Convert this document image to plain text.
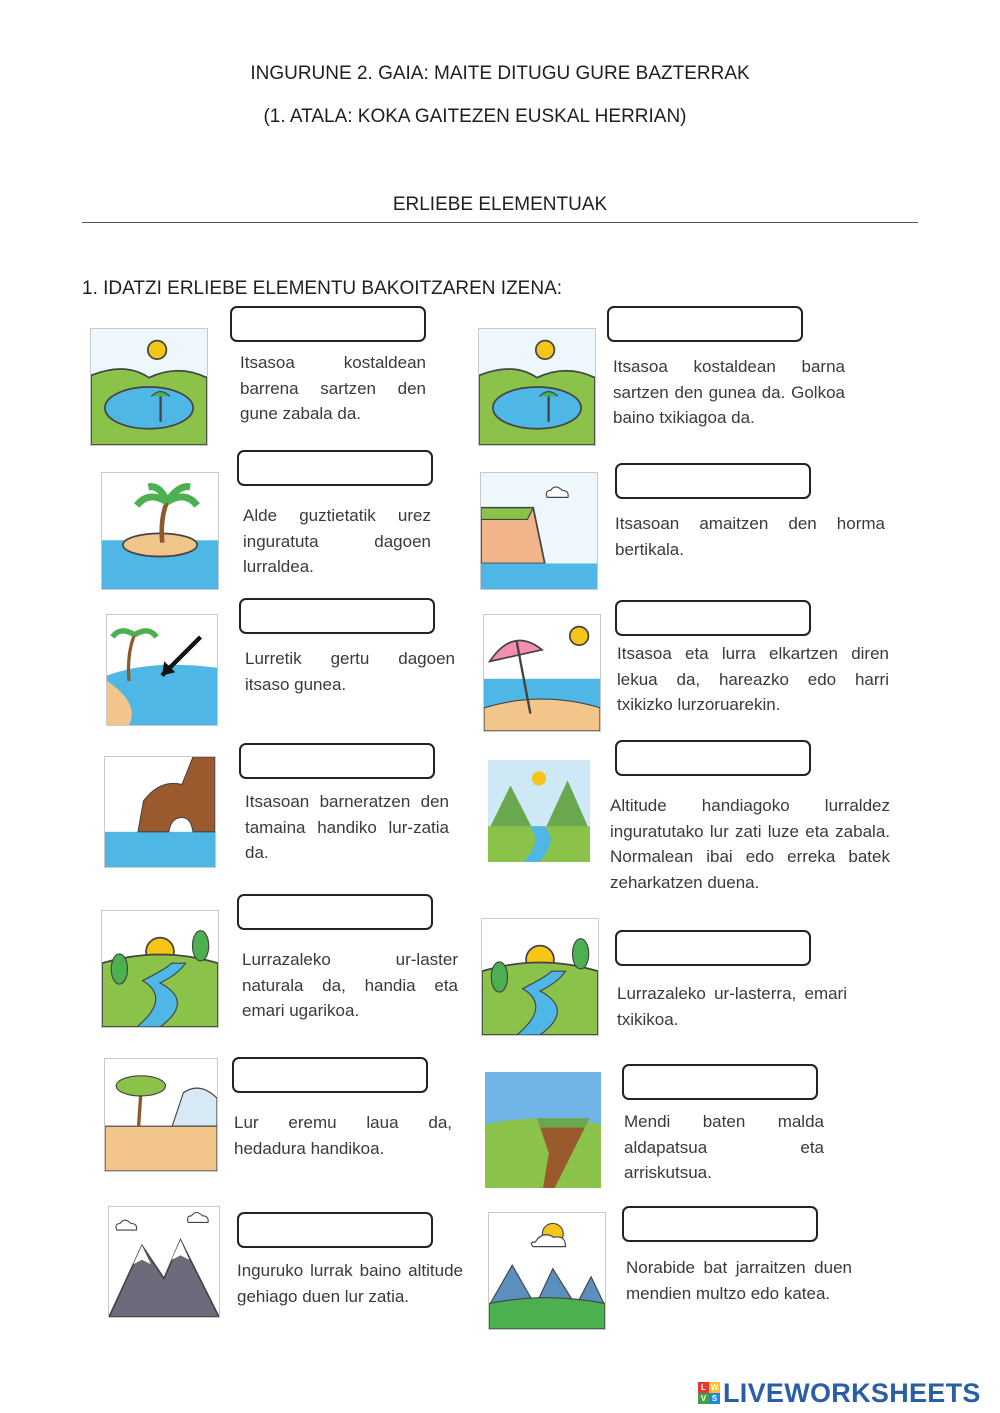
INGURUNE 2. GAIA: MAITE DITUGU GURE BAZTERRAK
(1. ATALA: KOKA GAITEZEN EUSKAL HERRIAN)
ERLIEBE ELEMENTUAK
1. IDATZI ERLIEBE ELEMENTU BAKOITZAREN IZENA:
Itsasoa kostaldean barrena sartzen den gune zabala da.
Itsasoa kostaldean barna sartzen den gunea da. Golkoa baino txikiagoa da.
Alde guztietatik urez inguratuta dagoen lurraldea.
Itsasoan amaitzen den horma bertikala.
Lurretik gertu dagoen itsaso gunea.
Itsasoa eta lurra elkartzen diren lekua da, hareazko edo harri txikizko lurzoruarekin.
Itsasoan barneratzen den tamaina handiko lur-zatia da.
Altitude handiagoko lurraldez inguratutako lur zati luze eta zabala. Normalean ibai edo erreka batek zeharkatzen duena.
Lurrazaleko ur-laster naturala da, handia eta emari ugarikoa.
Lurrazaleko ur-lasterra, emari txikikoa.
Lur eremu laua da, hedadura handikoa.
Mendi baten malda aldapatsua eta arriskutsua.
Inguruko lurrak baino altitude gehiago duen lur zatia.
Norabide bat jarraitzen duen mendien multzo edo katea.
L W
V S LIVEWORKSHEETS
